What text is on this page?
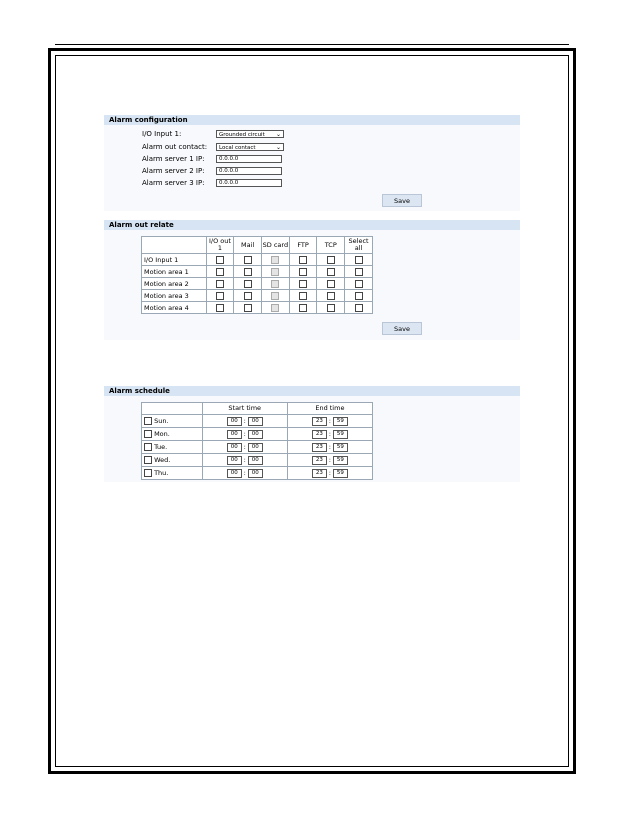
Alarm configuration
I/O Input 1:	Grounded circuit ⌄
Alarm out contact:	Local contact	⌄
Alarm server 1 IP:	0.0.0.0
Alarm server 2 IP:	0.0.0.0
Alarm server 3 IP:	0.0.0.0
Save
Alarm out relate
	I/O out 1	Mail	SD card	FTP	TCP	Select all
I/O Input 1						
Motion area 1						
Motion area 2						
Motion area 3						
Motion area 4						
Save
Alarm schedule
	Start time	End time
Sun.	00 : 00	23 : 59
Mon.	00 : 00	23 : 59
Tue.	00 : 00	23 : 59
Wed.	00 : 00	23 : 59
Thu.	00 : 00	23 : 59
